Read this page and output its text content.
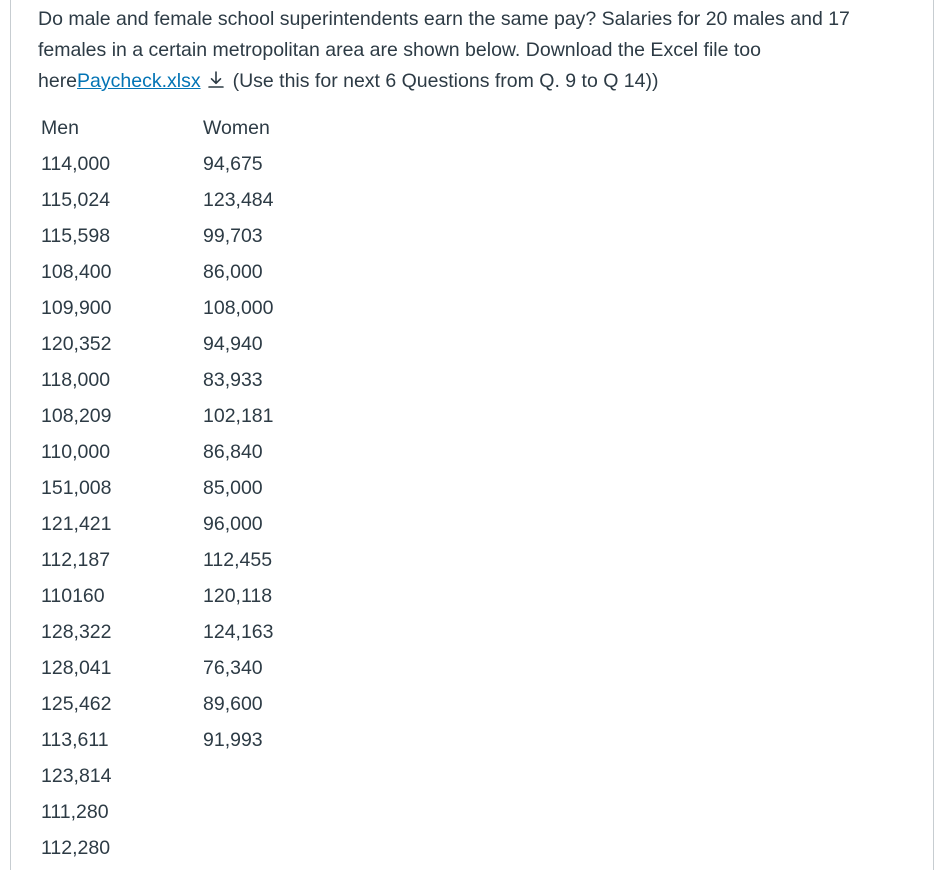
Do male and female school superintendents earn the same pay? Salaries for 20 males and 17 females in a certain metropolitan area are shown below. Download the Excel file too herePaycheck.xlsx (Use this for next 6 Questions from Q. 9 to Q 14))
Men	Women
114,000	94,675
115,024	123,484
115,598	99,703
108,400	86,000
109,900	108,000
120,352	94,940
118,000	83,933
108,209	102,181
110,000	86,840
151,008	85,000
121,421	96,000
112,187	112,455
110160	120,118
128,322	124,163
128,041	76,340
125,462	89,600
113,611	91,993
123,814	
111,280	
112,280	
